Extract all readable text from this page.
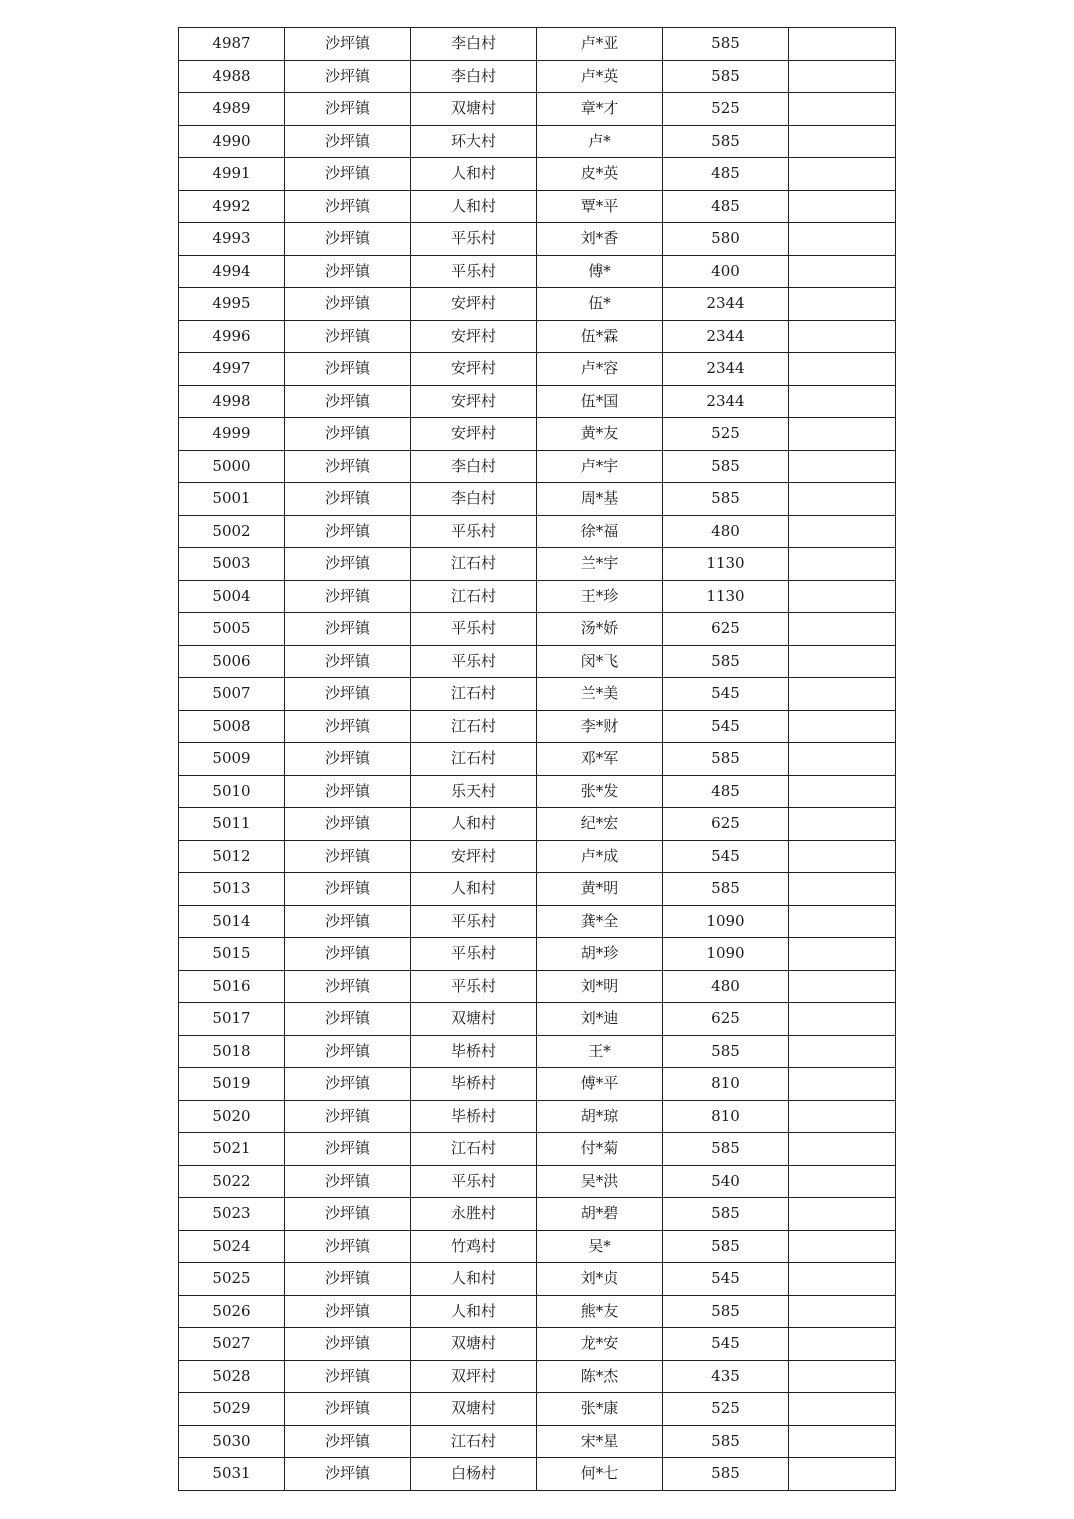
4987	沙坪镇	李白村	卢*亚	585	
4988	沙坪镇	李白村	卢*英	585	
4989	沙坪镇	双塘村	章*才	525	
4990	沙坪镇	环大村	卢*	585	
4991	沙坪镇	人和村	皮*英	485	
4992	沙坪镇	人和村	覃*平	485	
4993	沙坪镇	平乐村	刘*香	580	
4994	沙坪镇	平乐村	傅*	400	
4995	沙坪镇	安坪村	伍*	2344	
4996	沙坪镇	安坪村	伍*霖	2344	
4997	沙坪镇	安坪村	卢*容	2344	
4998	沙坪镇	安坪村	伍*国	2344	
4999	沙坪镇	安坪村	黄*友	525	
5000	沙坪镇	李白村	卢*宇	585	
5001	沙坪镇	李白村	周*基	585	
5002	沙坪镇	平乐村	徐*福	480	
5003	沙坪镇	江石村	兰*宇	1130	
5004	沙坪镇	江石村	王*珍	1130	
5005	沙坪镇	平乐村	汤*娇	625	
5006	沙坪镇	平乐村	闵*飞	585	
5007	沙坪镇	江石村	兰*美	545	
5008	沙坪镇	江石村	李*财	545	
5009	沙坪镇	江石村	邓*军	585	
5010	沙坪镇	乐天村	张*发	485	
5011	沙坪镇	人和村	纪*宏	625	
5012	沙坪镇	安坪村	卢*成	545	
5013	沙坪镇	人和村	黄*明	585	
5014	沙坪镇	平乐村	龚*全	1090	
5015	沙坪镇	平乐村	胡*珍	1090	
5016	沙坪镇	平乐村	刘*明	480	
5017	沙坪镇	双塘村	刘*迪	625	
5018	沙坪镇	毕桥村	王*	585	
5019	沙坪镇	毕桥村	傅*平	810	
5020	沙坪镇	毕桥村	胡*琼	810	
5021	沙坪镇	江石村	付*菊	585	
5022	沙坪镇	平乐村	吴*洪	540	
5023	沙坪镇	永胜村	胡*碧	585	
5024	沙坪镇	竹鸡村	吴*	585	
5025	沙坪镇	人和村	刘*贞	545	
5026	沙坪镇	人和村	熊*友	585	
5027	沙坪镇	双塘村	龙*安	545	
5028	沙坪镇	双坪村	陈*杰	435	
5029	沙坪镇	双塘村	张*康	525	
5030	沙坪镇	江石村	宋*星	585	
5031	沙坪镇	白杨村	何*七	585	
